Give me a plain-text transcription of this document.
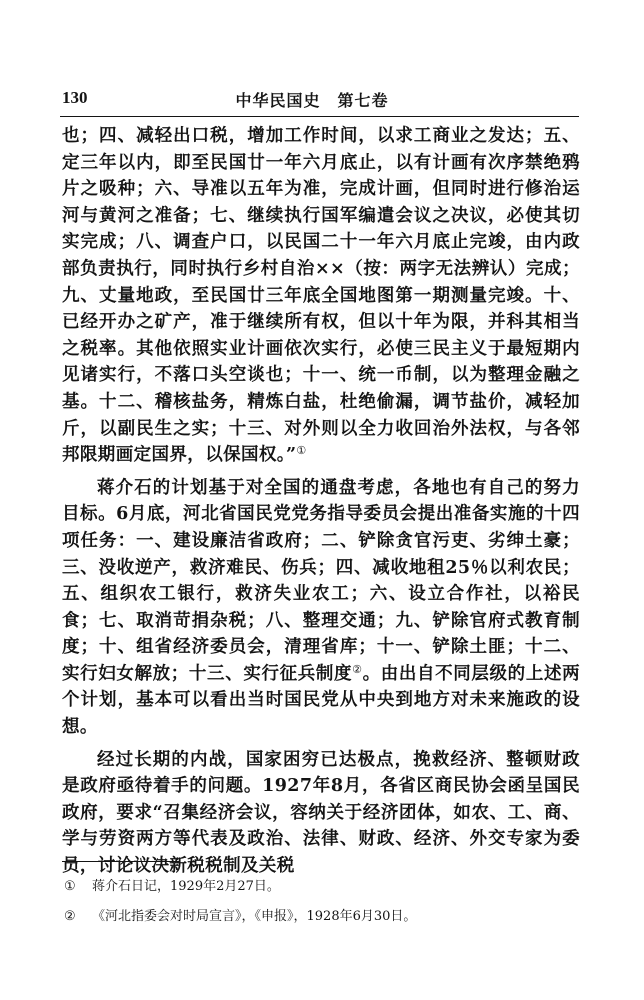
130	中华民国史　第七卷

也；四、减轻出口税，增加工作时间，以求工商业之发达；五、定三年以内，即至民国廿一年六月底止，以有计画有次序禁绝鸦片之吸种；六、导准以五年为准，完成计画，但同时进行修治运河与黄河之准备；七、继续执行国军编遣会议之决议，必使其切实完成；八、调查户口，以民国二十一年六月底止完竣，由内政部负责执行，同时执行乡村自治××（按：两字无法辨认）完成；九、丈量地政，至民国廿三年底全国地图第一期测量完竣。十、已经开办之矿产，准于继续所有权，但以十年为限，并科其相当之税率。其他依照实业计画依次实行，必使三民主义于最短期内见诸实行，不落口头空谈也；十一、统一币制，以为整理金融之基。十二、稽核盐务，精炼白盐，杜绝偷漏，调节盐价，减轻加斤，以副民生之实；十三、对外则以全力收回治外法权，与各邻邦限期画定国界，以保国权。”①

蒋介石的计划基于对全国的通盘考虑，各地也有自己的努力目标。6月底，河北省国民党党务指导委员会提出准备实施的十四项任务：一、建设廉洁省政府；二、铲除贪官污吏、劣绅土豪；三、没收逆产，救济难民、伤兵；四、减收地租25％以利农民；五、组织农工银行，救济失业农工；六、设立合作社，以裕民食；七、取消苛捐杂税；八、整理交通；九、铲除官府式教育制度；十、组省经济委员会，清理省库；十一、铲除土匪；十二、实行妇女解放；十三、实行征兵制度②。由出自不同层级的上述两个计划，基本可以看出当时国民党从中央到地方对未来施政的设想。

经过长期的内战，国家困穷已达极点，挽救经济、整顿财政是政府亟待着手的问题。1927年8月，各省区商民协会函呈国民政府，要求“召集经济会议，容纳关于经济团体，如农、工、商、学与劳资两方等代表及政治、法律、财政、经济、外交专家为委员，讨论议决新税税制及关税

①	蒋介石日记，1929年2月27日。
②	《河北指委会对时局宣言》，《申报》，1928年6月30日。
